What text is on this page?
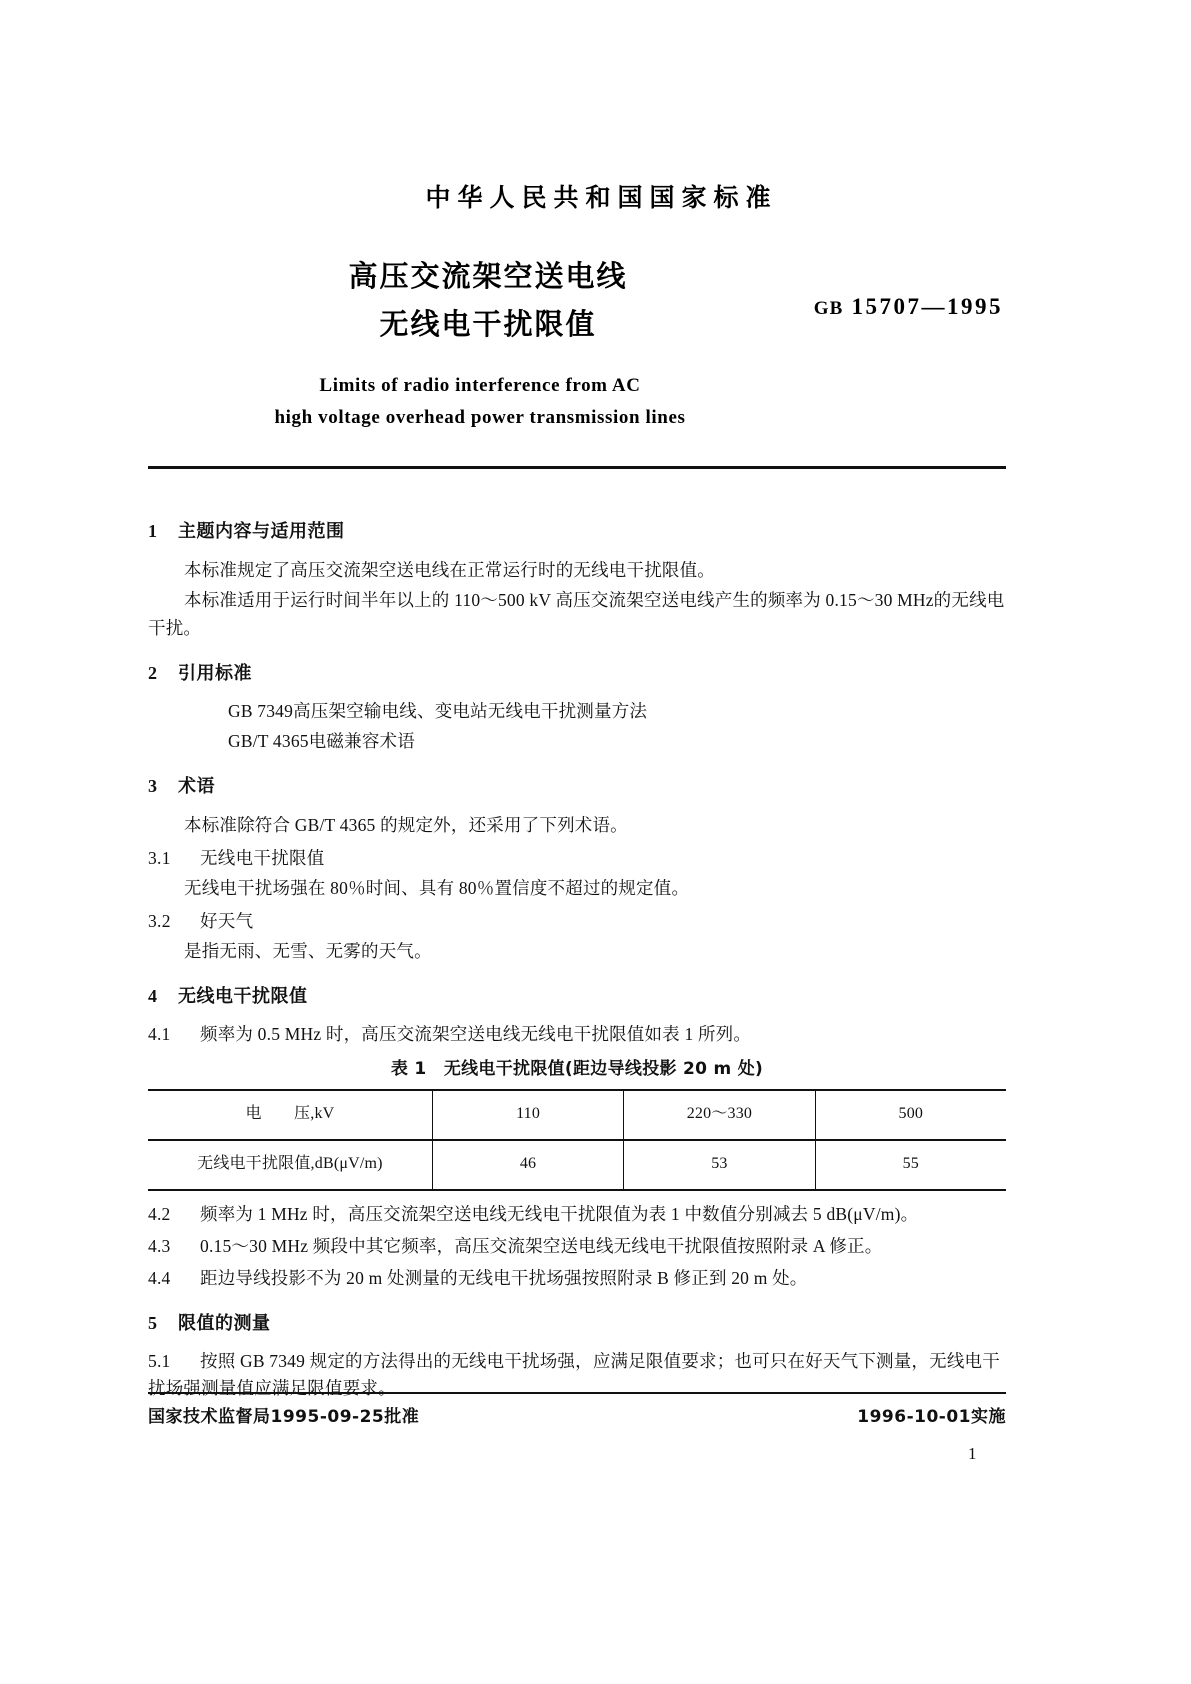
中华人民共和国国家标准
高压交流架空送电线
无线电干扰限值	GB 15707—1995
Limits of radio interference from AC
high voltage overhead power transmission lines
1 主题内容与适用范围

本标准规定了高压交流架空送电线在正常运行时的无线电干扰限值。

本标准适用于运行时间半年以上的 110～500 kV 高压交流架空送电线产生的频率为 0.15～30 MHz的无线电干扰。

2 引用标准

GB 7349高压架空输电线、变电站无线电干扰测量方法

GB/T 4365电磁兼容术语

3 术语

本标准除符合 GB/T 4365 的规定外，还采用了下列术语。

3.1 无线电干扰限值

无线电干扰场强在 80％时间、具有 80％置信度不超过的规定值。

3.2 好天气

是指无雨、无雪、无雾的天气。

4 无线电干扰限值

4.1 频率为 0.5 MHz 时，高压交流架空送电线无线电干扰限值如表 1 所列。

表 1　无线电干扰限值(距边导线投影 20 m 处)
电　　压,kV	110	220～330	500
无线电干扰限值,dB(μV/m)	46	53	55

4.2 频率为 1 MHz 时，高压交流架空送电线无线电干扰限值为表 1 中数值分别减去 5 dB(μV/m)。

4.3 0.15～30 MHz 频段中其它频率，高压交流架空送电线无线电干扰限值按照附录 A 修正。

4.4 距边导线投影不为 20 m 处测量的无线电干扰场强按照附录 B 修正到 20 m 处。

5 限值的测量

5.1 按照 GB 7349 规定的方法得出的无线电干扰场强，应满足限值要求；也可只在好天气下测量，无线电干扰场强测量值应满足限值要求。

国家技术监督局1995-09-25批准	1996-10-01实施
1
